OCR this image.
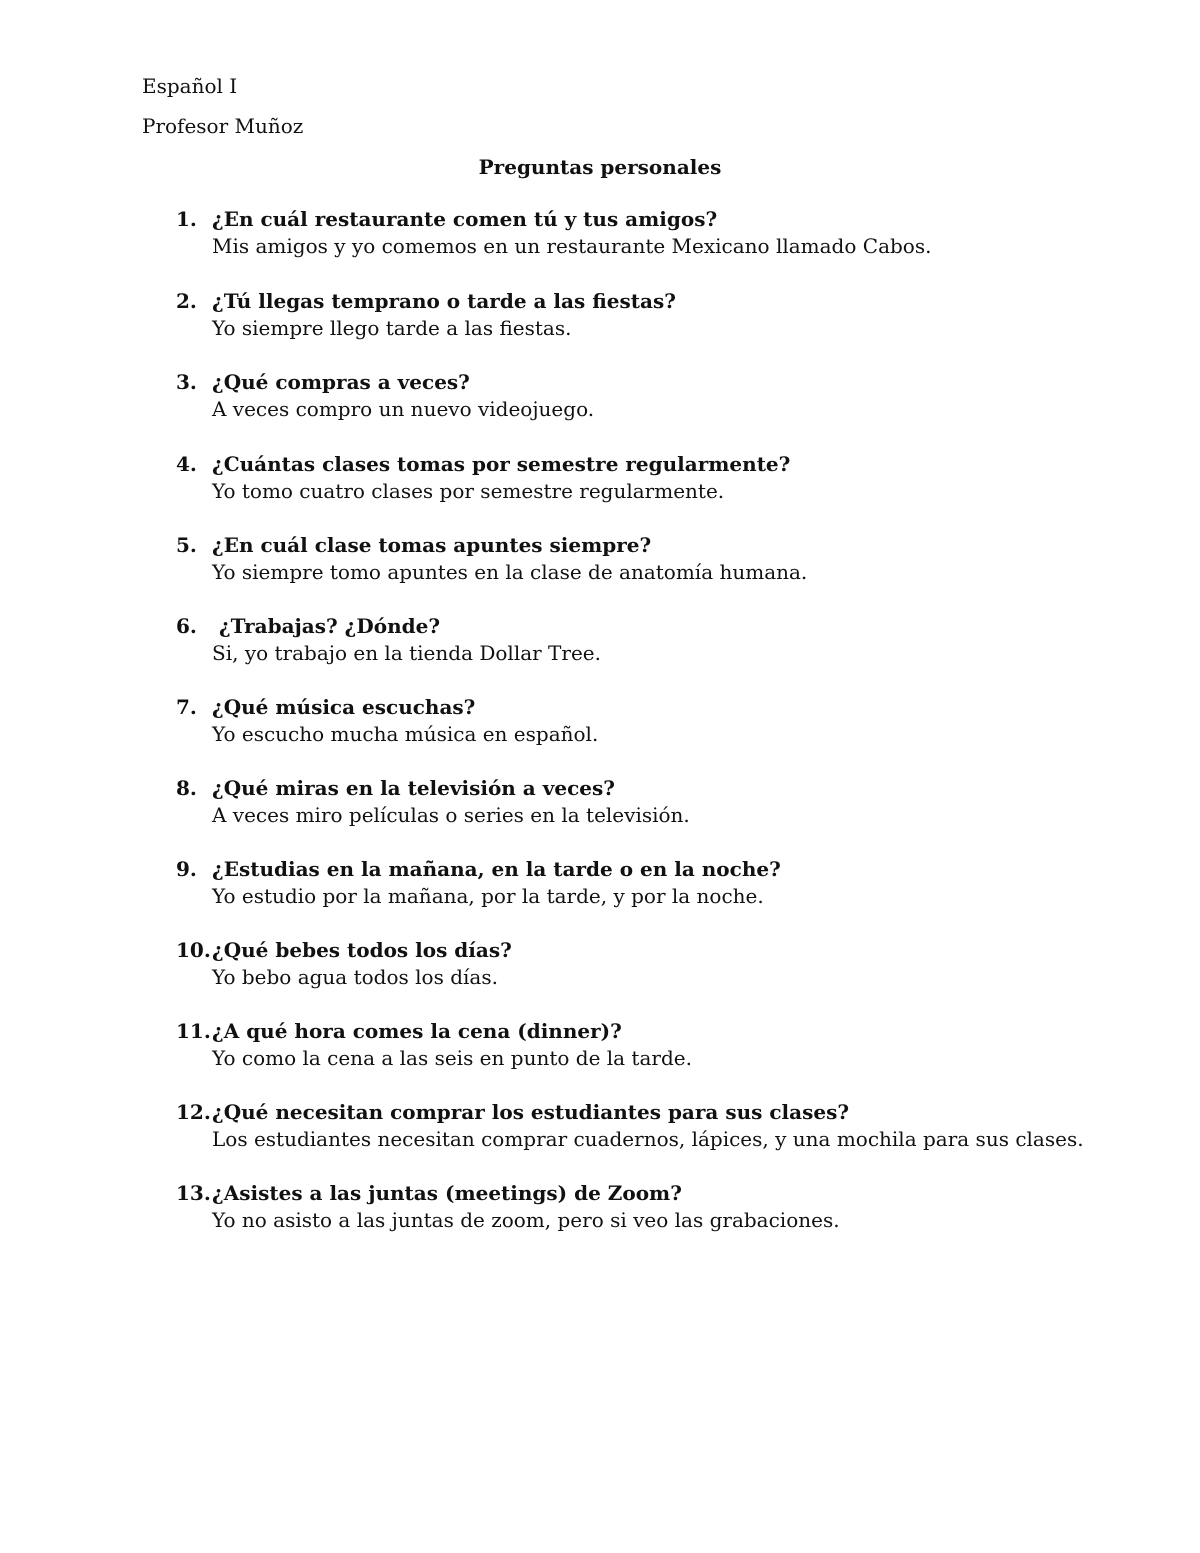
Español I
Profesor Muñoz
Preguntas personales
1. ¿En cuál restaurante comen tú y tus amigos?
Mis amigos y yo comemos en un restaurante Mexicano llamado Cabos.
2. ¿Tú llegas temprano o tarde a las fiestas?
Yo siempre llego tarde a las fiestas.
3. ¿Qué compras a veces?
A veces compro un nuevo videojuego.
4. ¿Cuántas clases tomas por semestre regularmente?
Yo tomo cuatro clases por semestre regularmente.
5. ¿En cuál clase tomas apuntes siempre?
Yo siempre tomo apuntes en la clase de anatomía humana.
6. ¿Trabajas? ¿Dónde?
Si, yo trabajo en la tienda Dollar Tree.
7. ¿Qué música escuchas?
Yo escucho mucha música en español.
8. ¿Qué miras en la televisión a veces?
A veces miro películas o series en la televisión.
9. ¿Estudias en la mañana, en la tarde o en la noche?
Yo estudio por la mañana, por la tarde, y por la noche.
10. ¿Qué bebes todos los días?
Yo bebo agua todos los días.
11. ¿A qué hora comes la cena (dinner)?
Yo como la cena a las seis en punto de la tarde.
12. ¿Qué necesitan comprar los estudiantes para sus clases?
Los estudiantes necesitan comprar cuadernos, lápices, y una mochila para sus clases.
13. ¿Asistes a las juntas (meetings) de Zoom?
Yo no asisto a las juntas de zoom, pero si veo las grabaciones.
